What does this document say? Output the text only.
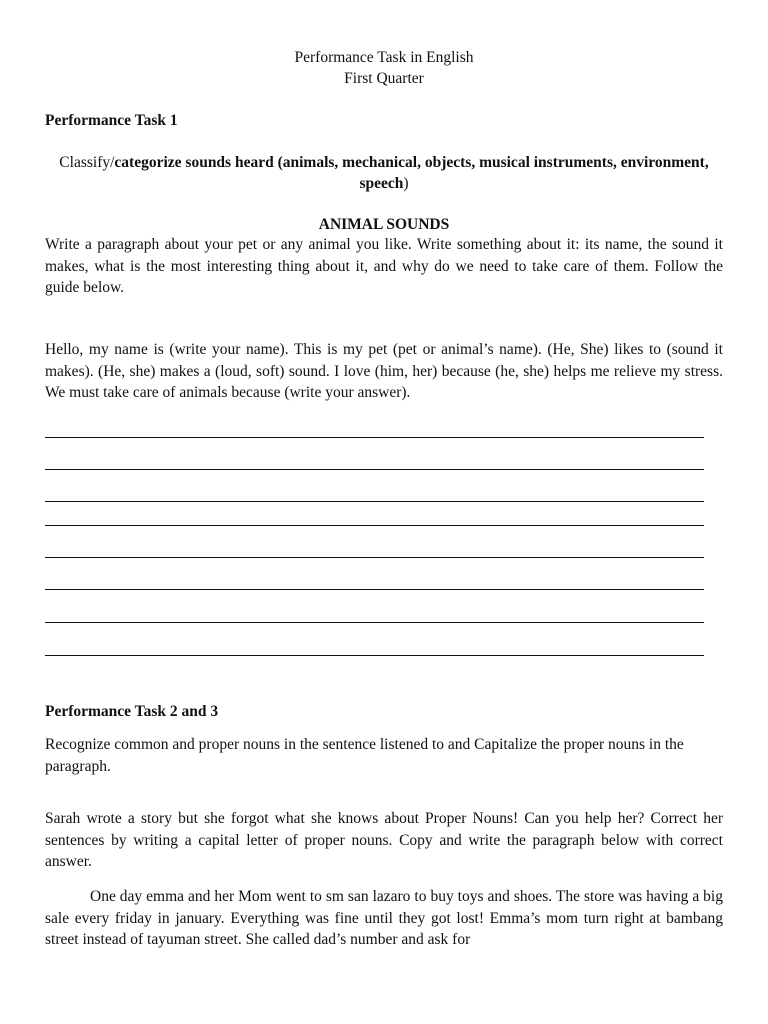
Performance Task in English
First Quarter
Performance Task 1
Classify/categorize sounds heard (animals, mechanical, objects, musical instruments, environment, speech)
ANIMAL SOUNDS
Write a paragraph about your pet or any animal you like. Write something about it: its name, the sound it makes, what is the most interesting thing about it, and why do we need to take care of them. Follow the guide below.
Hello, my name is (write your name). This is my pet (pet or animal’s name). (He, She) likes to (sound it makes). (He, she) makes a (loud, soft) sound. I love (him, her) because (he, she) helps me relieve my stress. We must take care of animals because (write your answer).
Performance Task 2 and 3
Recognize common and proper nouns in the sentence listened to and Capitalize the proper nouns in the paragraph.
Sarah wrote a story but she forgot what she knows about Proper Nouns! Can you help her? Correct her sentences by writing a capital letter of proper nouns. Copy and write the paragraph below with correct answer.
One day emma and her Mom went to sm san lazaro to buy toys and shoes. The store was having a big sale every friday in january. Everything was fine until they got lost! Emma’s mom turn right at bambang street instead of tayuman street. She called dad’s number and ask for
